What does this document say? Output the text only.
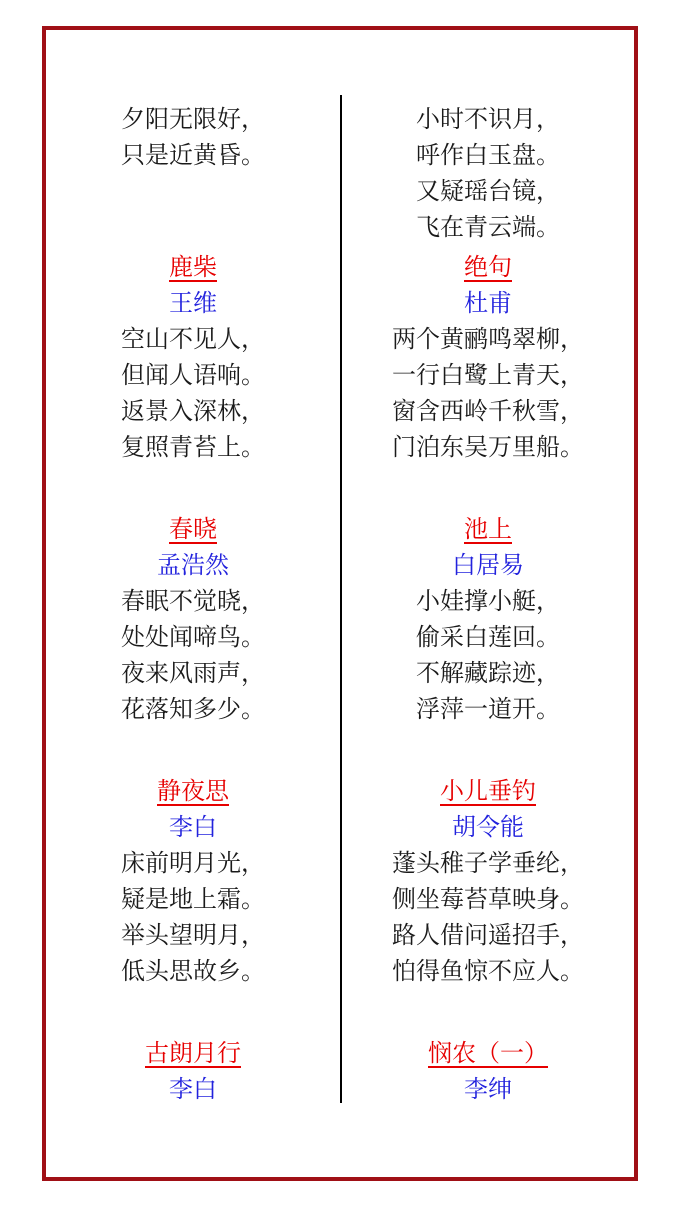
夕阳无限好，
只是近黄昏。
鹿柴
王维
空山不见人，
但闻人语响。
返景入深林，
复照青苔上。
春晓
孟浩然
春眠不觉晓，
处处闻啼鸟。
夜来风雨声，
花落知多少。
静夜思
李白
床前明月光，
疑是地上霜。
举头望明月，
低头思故乡。
古朗月行
李白
小时不识月，
呼作白玉盘。
又疑瑶台镜，
飞在青云端。
绝句
杜甫
两个黄鹂鸣翠柳，
一行白鹭上青天，
窗含西岭千秋雪，
门泊东吴万里船。
池上
白居易
小娃撑小艇，
偷采白莲回。
不解藏踪迹，
浮萍一道开。
小儿垂钓
胡令能
蓬头稚子学垂纶，
侧坐莓苔草映身。
路人借问遥招手，
怕得鱼惊不应人。
悯农（一）
李绅
